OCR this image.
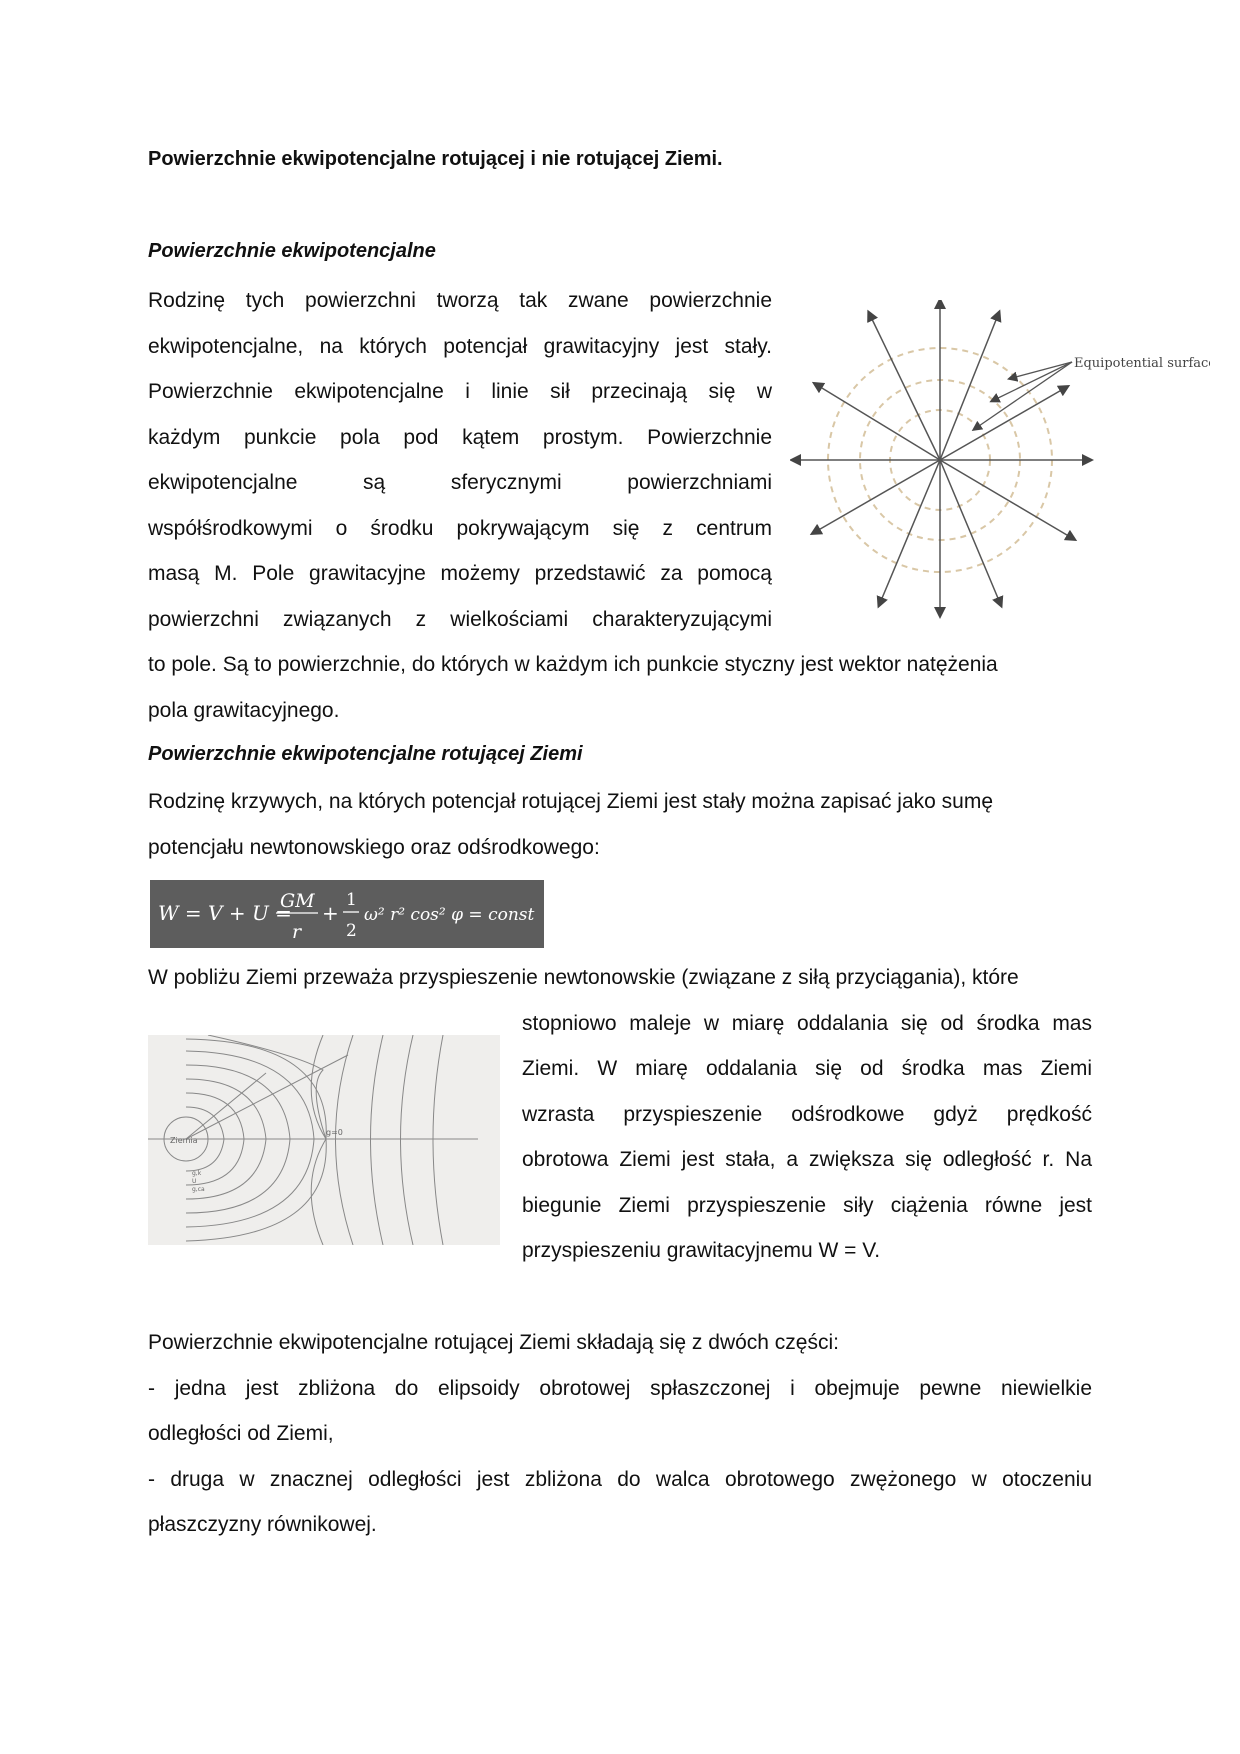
Powierzchnie ekwipotencjalne rotującej i nie rotującej Ziemi.
Powierzchnie ekwipotencjalne
Rodzinę tych powierzchni tworzą tak zwane powierzchnie
ekwipotencjalne, na których potencjał grawitacyjny jest stały.
Powierzchnie ekwipotencjalne i linie sił przecinają się w
każdym punkcie pola pod kątem prostym. Powierzchnie
ekwipotencjalne są sferycznymi powierzchniami
współśrodkowymi o środku pokrywającym się z centrum
masą M. Pole grawitacyjne możemy przedstawić za pomocą
powierzchni związanych z wielkościami charakteryzującymi
to pole. Są to powierzchnie, do których w każdym ich punkcie styczny jest wektor natężenia
pola grawitacyjnego.
Equipotential surface
Powierzchnie ekwipotencjalne rotującej Ziemi
Rodzinę krzywych, na których potencjał rotującej Ziemi jest stały można zapisać jako sumę
potencjału newtonowskiego oraz odśrodkowego:
W = V + U =
GM
r
+
1
2
ω² r² cos² φ = const
W pobliżu Ziemi przeważa przyspieszenie newtonowskie (związane z siłą przyciągania), które
stopniowo maleje w miarę oddalania się od środka mas
Ziemi. W miarę oddalania się od środka mas Ziemi
wzrasta przyspieszenie odśrodkowe gdyż prędkość
obrotowa Ziemi jest stała, a zwiększa się odległość r. Na
biegunie Ziemi przyspieszenie siły ciążenia równe jest
przyspieszeniu grawitacyjnemu W = V.
Ziemia
g=0
g,k
U
g,ca
Powierzchnie ekwipotencjalne rotującej Ziemi składają się z dwóch części:
- jedna jest zbliżona do elipsoidy obrotowej spłaszczonej i obejmuje pewne niewielkie
odległości od Ziemi,
- druga w znacznej odległości jest zbliżona do walca obrotowego zwężonego w otoczeniu
płaszczyzny równikowej.
